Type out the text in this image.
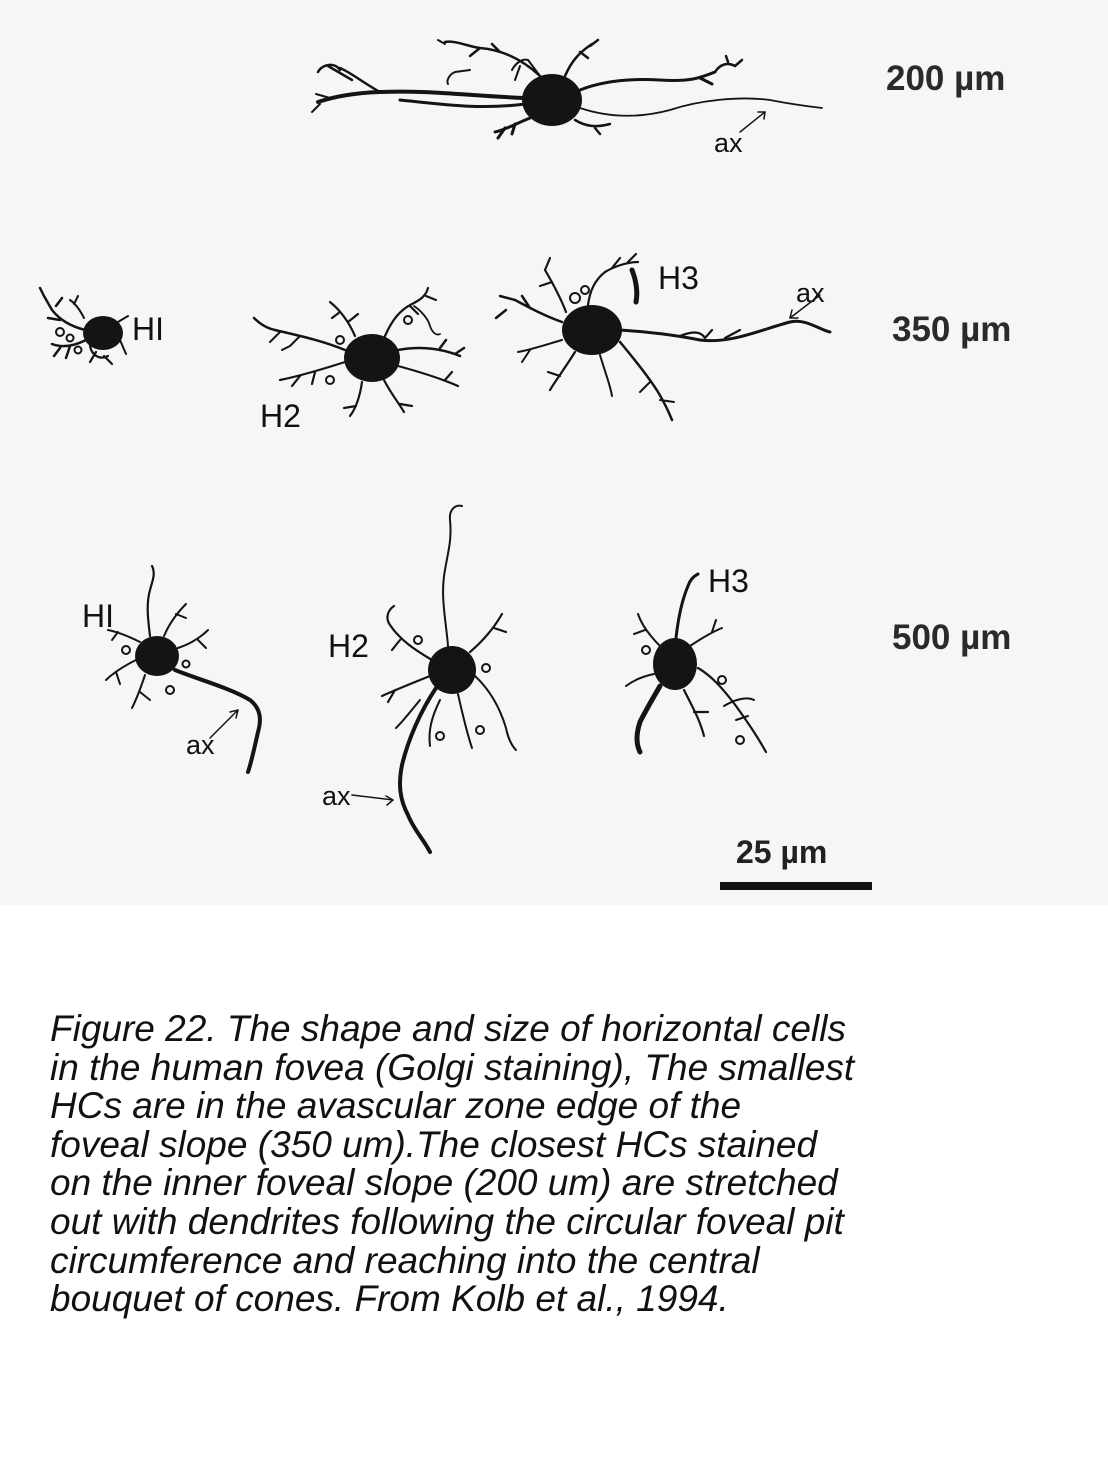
200 µm
350 µm
500 µm
ax
HI
H2
H3	ax
HI
H2
H3
ax
ax
25 µm
Figure 22. The shape and size of horizontal cells
in the human fovea (Golgi staining), The smallest
HCs are in the avascular zone edge of the
foveal slope (350 um).The closest HCs stained
on the inner foveal slope (200 um) are stretched
out with dendrites following the circular foveal pit
circumference and reaching into the central
bouquet of cones. From Kolb et al., 1994.
